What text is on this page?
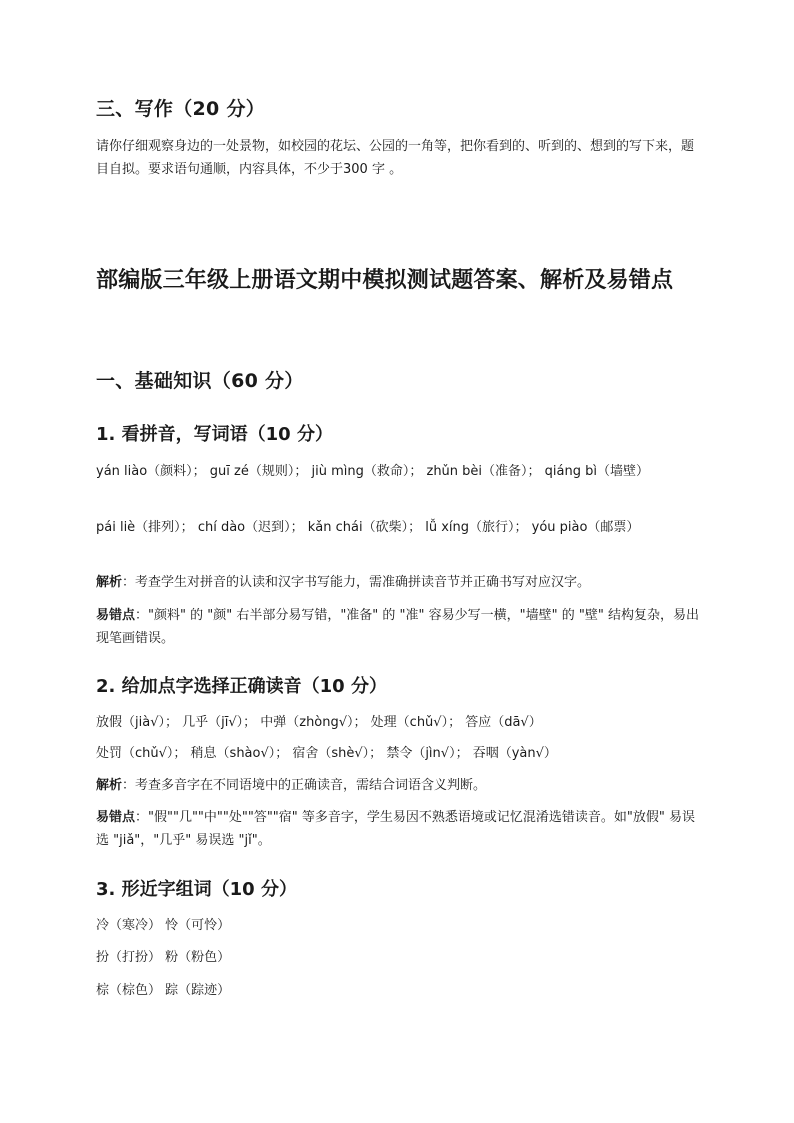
三、写作（20 分）
请你仔细观察身边的一处景物，如校园的花坛、公园的一角等，把你看到的、听到的、想到的写下来，题目自拟。要求语句通顺，内容具体，不少于300 字 。
部编版三年级上册语文期中模拟测试题答案、解析及易错点
一、基础知识（60 分）
1. 看拼音，写词语（10 分）
yán liào（颜料）； guī zé（规则）； jiù mìng（救命）； zhǔn bèi（准备）； qiáng bì（墙壁）
pái liè（排列）； chí dào（迟到）； kǎn chái（砍柴）； lǚ xíng（旅行）； yóu piào（邮票）
解析：考查学生对拼音的认读和汉字书写能力，需准确拼读音节并正确书写对应汉字。
易错点："颜料" 的 "颜" 右半部分易写错，"准备" 的 "准" 容易少写一横，"墙壁" 的 "壁" 结构复杂，易出现笔画错误。
2. 给加点字选择正确读音（10 分）
放假（jià√）； 几乎（jī√）； 中弹（zhòng√）； 处理（chǔ√）； 答应（dā√）
处罚（chǔ√）； 稍息（shào√）； 宿舍（shè√）； 禁令（jìn√）； 吞咽（yàn√）
解析：考查多音字在不同语境中的正确读音，需结合词语含义判断。
易错点："假""几""中""处""答""宿" 等多音字，学生易因不熟悉语境或记忆混淆选错读音。如"放假" 易误选 "jiǎ"，"几乎" 易误选 "jǐ"。
3. 形近字组词（10 分）
冷（寒冷） 怜（可怜）
扮（打扮） 粉（粉色）
棕（棕色） 踪（踪迹）
